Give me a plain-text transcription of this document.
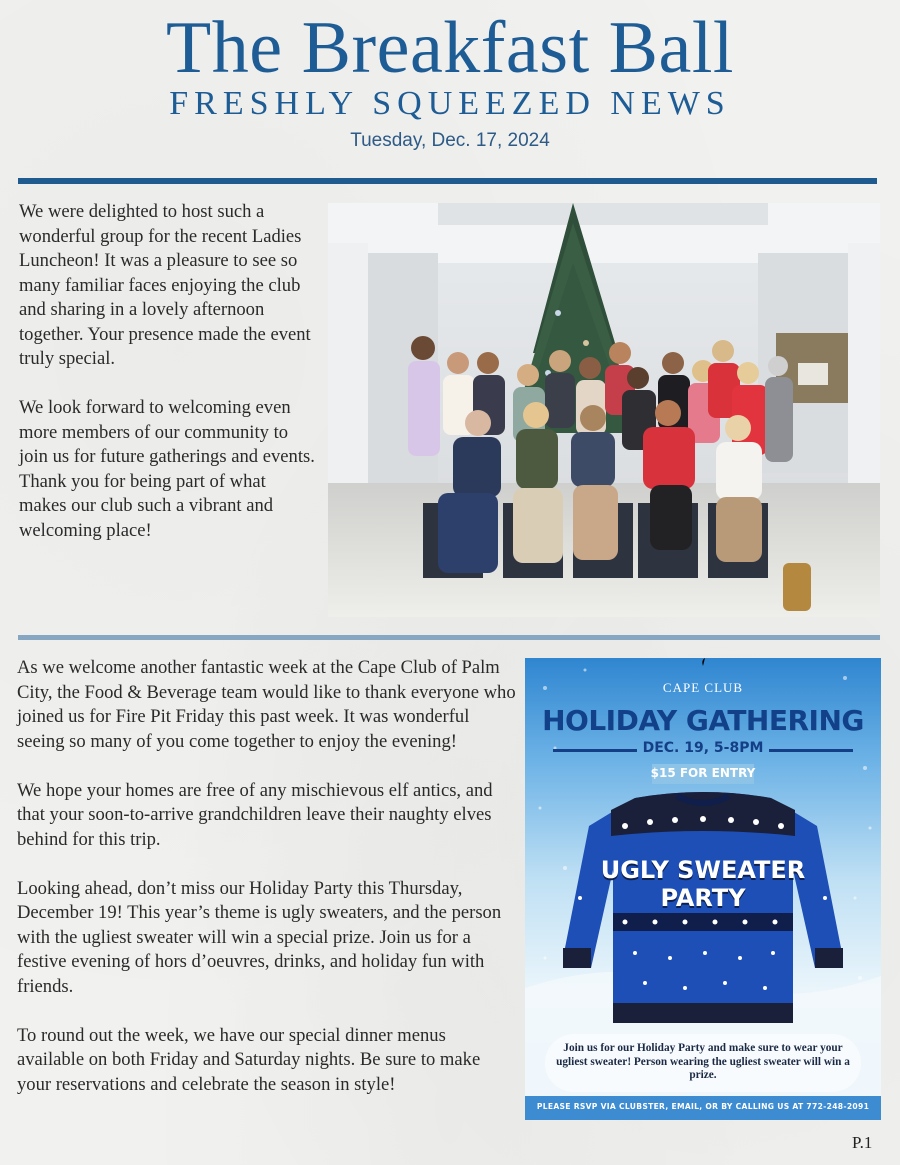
The Breakfast Ball
FRESHLY SQUEEZED NEWS
Tuesday, Dec. 17, 2024

We were delighted to host such a wonderful group for the recent Ladies Luncheon! It was a pleasure to see so many familiar faces enjoying the club and sharing in a lovely afternoon together. Your presence made the event truly special.

We look forward to welcoming even more members of our community to join us for future gatherings and events. Thank you for being part of what makes our club such a vibrant and welcoming place!

As we welcome another fantastic week at the Cape Club of Palm City, the Food & Beverage team would like to thank everyone who joined us for Fire Pit Friday this past week. It was wonderful seeing so many of you come together to enjoy the evening!

We hope your homes are free of any mischievous elf antics, and that your soon-to-arrive grandchildren leave their naughty elves behind for this trip.

Looking ahead, don’t miss our Holiday Party this Thursday, December 19! This year’s theme is ugly sweaters, and the person with the ugliest sweater will win a special prize. Join us for a festive evening of hors d’oeuvres, drinks, and holiday fun with friends.

To round out the week, we have our special dinner menus available on both Friday and Saturday nights. Be sure to make your reservations and celebrate the season in style!

CAPE CLUB
HOLIDAY GATHERING
DEC. 19, 5-8PM
$15 FOR ENTRY
UGLY SWEATER
PARTY
Join us for our Holiday Party and make sure to wear your ugliest sweater! Person wearing the ugliest sweater will win a prize.
PLEASE RSVP VIA CLUBSTER, EMAIL, OR BY CALLING US AT 772-248-2091
P.1
